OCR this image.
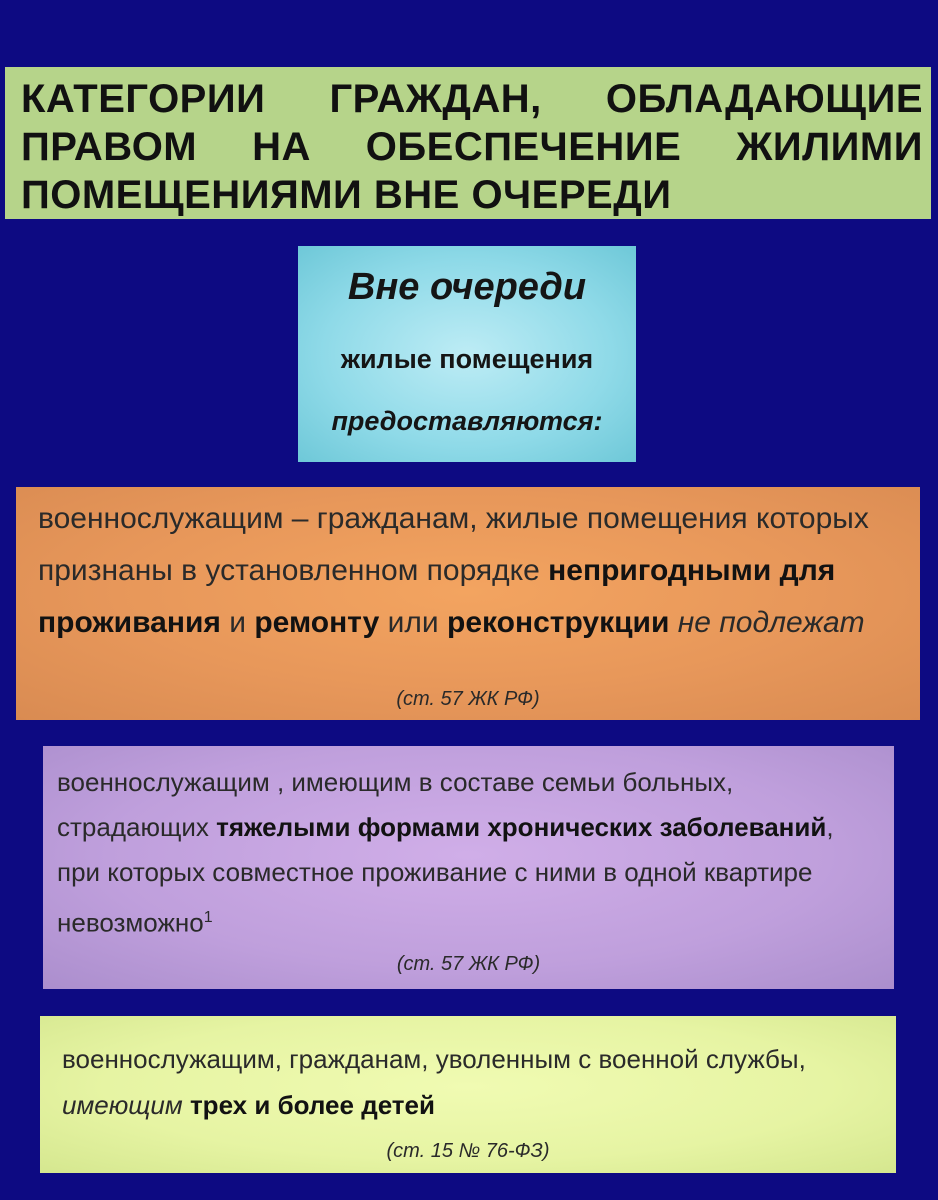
КАТЕГОРИИ ГРАЖДАН, ОБЛАДАЮЩИЕ ПРАВОМ НА ОБЕСПЕЧЕНИЕ ЖИЛИМИ ПОМЕЩЕНИЯМИ ВНЕ ОЧЕРЕДИ
Вне очереди
жилые помещения
предоставляются:

военнослужащим – гражданам, жилые помещения которых признаны в установленном порядке непригодными для проживания и ремонту или реконструкции не подлежат

(ст. 57 ЖК РФ)

военнослужащим , имеющим в составе семьи больных, страдающих тяжелыми формами хронических заболеваний, при которых совместное проживание с ними в одной квартире невозможно$^1$

(ст. 57 ЖК РФ)

военнослужащим, гражданам, уволенным с военной службы, имеющим трех и более детей

(ст. 15 № 76-ФЗ)
